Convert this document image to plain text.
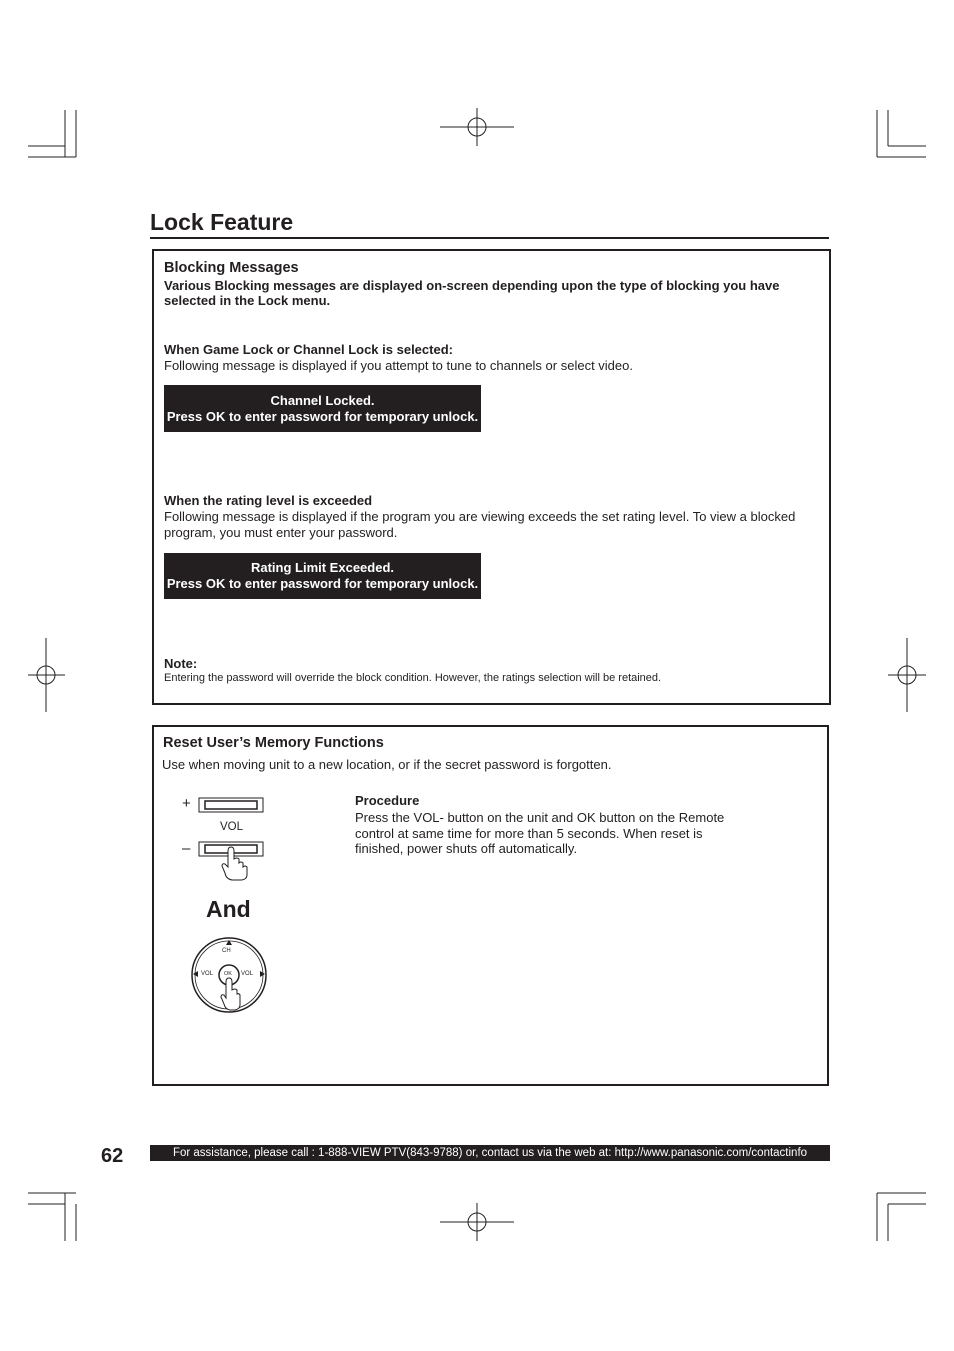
Lock Feature
Blocking Messages
Various Blocking messages are displayed on-screen depending upon the type of blocking you have
selected in the Lock menu.
When Game Lock or Channel Lock is selected:
Following message is displayed if you attempt to tune to channels or select video.
Channel Locked.
Press OK to enter password for temporary unlock.
When the rating level is exceeded
Following message is displayed if the program you are viewing exceeds the set rating level. To view a blocked
program, you must enter your password.
Rating Limit Exceeded.
Press OK to enter password for temporary unlock.
Note:
Entering the password will override the block condition. However, the ratings selection will be retained.
Reset User’s Memory Functions
Use when moving unit to a new location, or if the secret password is forgotten.
+
–
VOL
And
CH
VOL	VOL
OK
Procedure
Press the VOL- button on the unit and OK button on the Remote
control at same time for more than 5 seconds. When reset is
finished, power shuts off automatically.
62	For assistance, please call : 1-888-VIEW PTV(843-9788) or, contact us via the web at: http://www.panasonic.com/contactinfo
